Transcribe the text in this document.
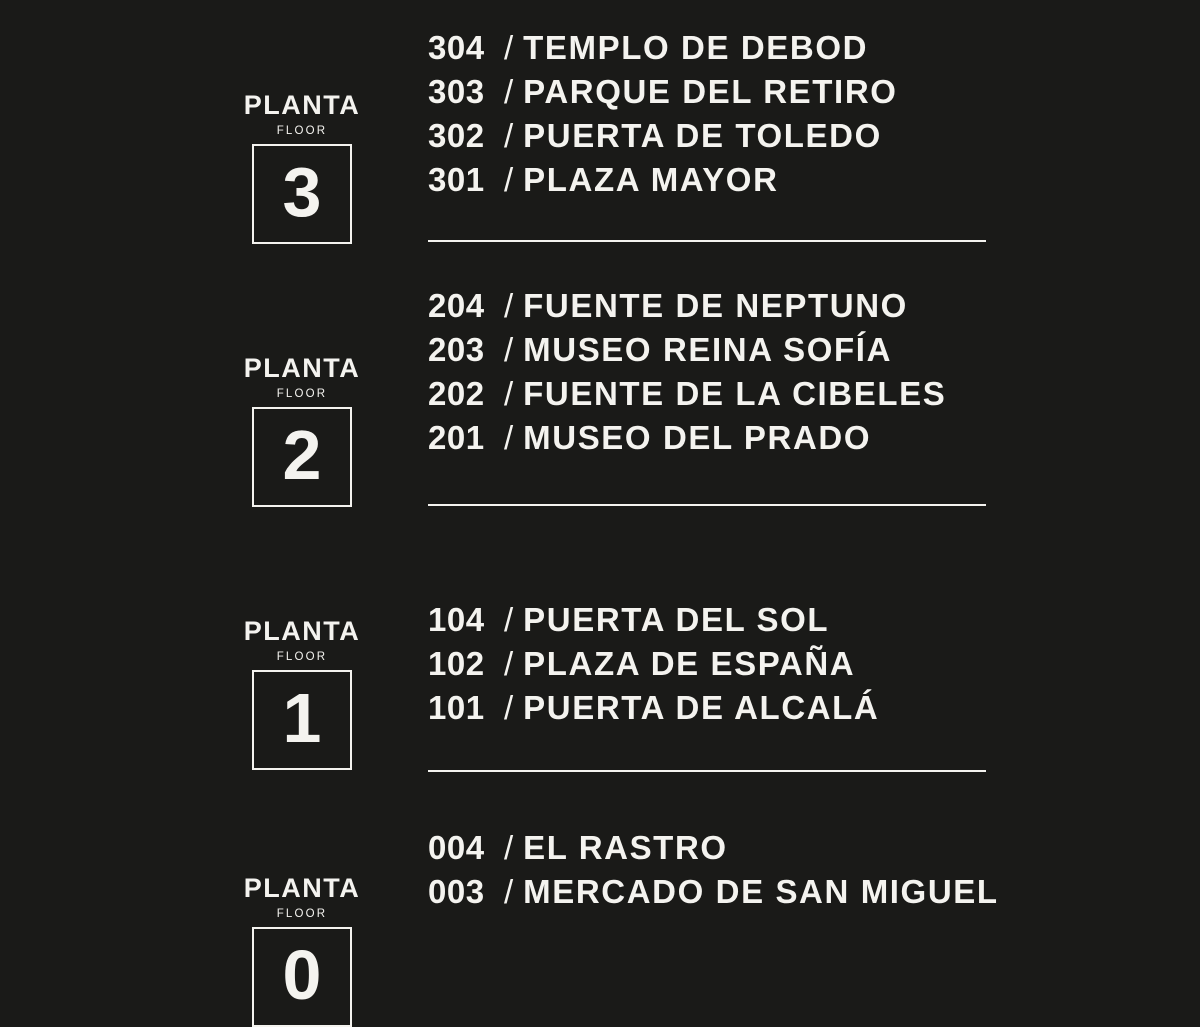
PLANTA
FLOOR
3
304 / TEMPLO DE DEBOD
303 / PARQUE DEL RETIRO
302 / PUERTA DE TOLEDO
301 / PLAZA MAYOR
PLANTA
FLOOR
2
204 / FUENTE DE NEPTUNO
203 / MUSEO REINA SOFÍA
202 / FUENTE DE LA CIBELES
201 / MUSEO DEL PRADO
PLANTA
FLOOR
1
104 / PUERTA DEL SOL
102 / PLAZA DE ESPAÑA
101 / PUERTA DE ALCALÁ
PLANTA
FLOOR
0
004 / EL RASTRO
003 / MERCADO DE SAN MIGUEL
